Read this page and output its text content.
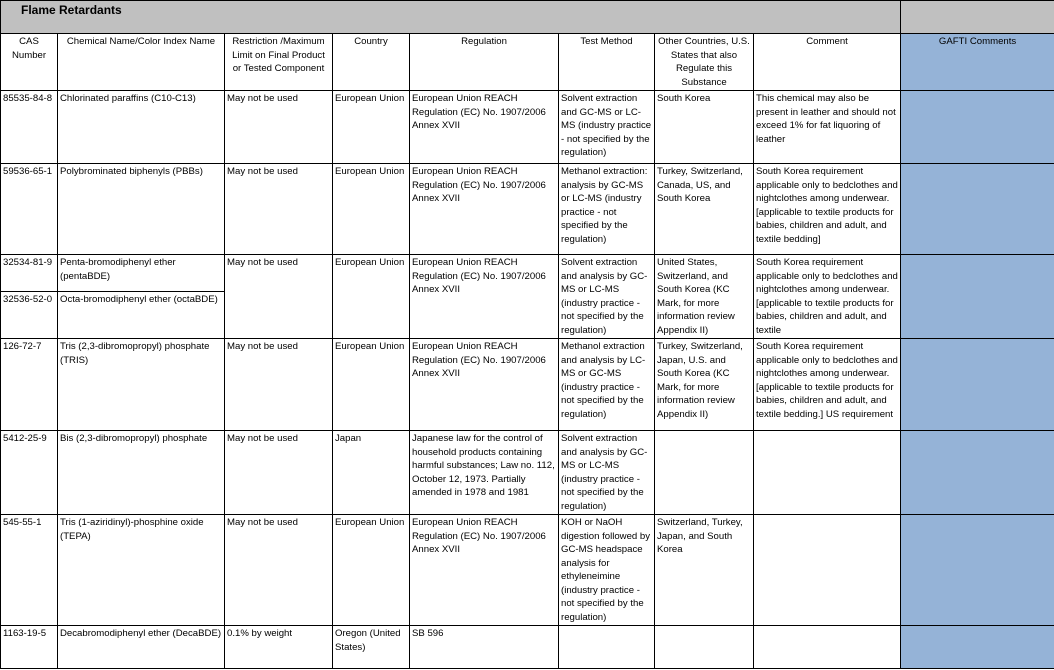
Flame Retardants								

CAS Number	Chemical Name/Color Index Name	Restriction /Maximum Limit on Final Product or Tested Component	Country	Regulation	Test Method	Other Countries, U.S. States that also Regulate this Substance	Comment	GAFTI Comments
85535-84-8	Chlorinated paraffins (C10-C13)	May not be used	European Union	European Union REACH Regulation (EC) No. 1907/2006 Annex XVII	Solvent extraction and GC-MS or LC-MS (industry practice - not specified by the regulation)	South Korea	This chemical may also be present in leather and should not exceed 1% for fat liquoring of leather	
59536-65-1	Polybrominated biphenyls (PBBs)	May not be used	European Union	European Union REACH Regulation (EC) No. 1907/2006 Annex XVII	Methanol extraction: analysis by GC-MS or LC-MS (industry practice - not specified by the regulation)	Turkey, Switzerland, Canada, US, and South Korea	South Korea requirement applicable only to bedclothes and nightclothes among underwear. [applicable to textile products for babies, children and adult, and textile bedding]	
32534-81-9	Penta-bromodiphenyl ether (pentaBDE)	May not be used	European Union	European Union REACH Regulation (EC) No. 1907/2006 Annex XVII	Solvent extraction and analysis by GC-MS or LC-MS (industry practice - not specified by the regulation)	United States, Switzerland, and South Korea (KC Mark, for more information review Appendix II)	South Korea requirement applicable only to bedclothes and nightclothes among underwear. [applicable to textile products for babies, children and adult, and textile	

32536-52-0	Octa-bromodiphenyl ether (octaBDE)							
126-72-7	Tris (2,3-dibromopropyl) phosphate (TRIS)	May not be used	European Union	European Union REACH Regulation (EC) No. 1907/2006 Annex XVII	Methanol extraction and analysis by LC-MS or GC-MS (industry practice - not specified by the regulation)	Turkey, Switzerland, Japan, U.S. and South Korea (KC Mark, for more information review Appendix II)	South Korea requirement applicable only to bedclothes and nightclothes among underwear. [applicable to textile products for babies, children and adult, and textile bedding.] US requirement	

5412-25-9	Bis (2,3-dibromopropyl) phosphate	May not be used	Japan	Japanese law for the control of household products containing harmful substances; Law no. 112, October 12, 1973. Partially amended in 1978 and 1981	Solvent extraction and analysis by GC-MS or LC-MS (industry practice - not specified by the regulation)			
545-55-1	Tris (1-aziridinyl)-phosphine oxide (TEPA)	May not be used	European Union	European Union REACH Regulation (EC) No. 1907/2006 Annex XVII	KOH or NaOH digestion followed by GC-MS headspace analysis for ethyleneimine (industry practice - not specified by the regulation)	Switzerland, Turkey, Japan, and South Korea		
1163-19-5	Decabromodiphenyl ether (DecaBDE)	0.1% by weight	Oregon (United States)	SB 596				
